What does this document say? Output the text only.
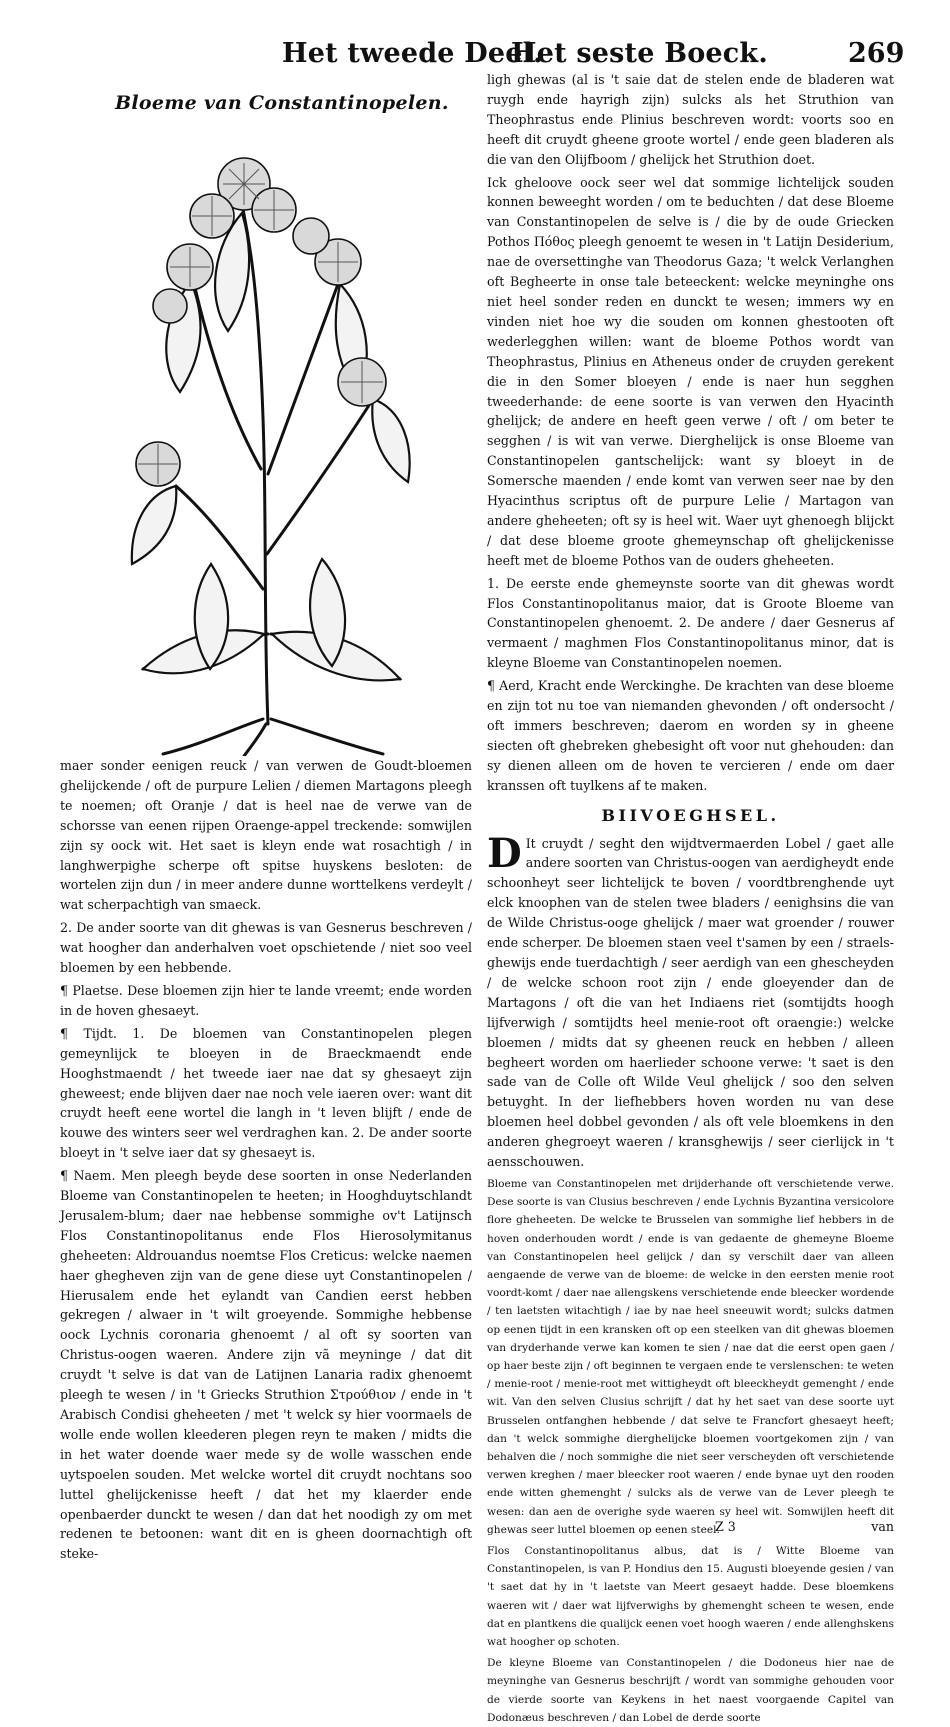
Het tweede Deel.
Het seste Boeck.	269
Bloeme van Constantinopelen.

maer sonder eenigen reuck / van verwen de Goudt-bloemen ghelijckende / oft de purpure Lelien / diemen Martagons pleegh te noemen; oft Oranje / dat is heel nae de verwe van de schorsse van eenen rijpen Oraenge-appel treckende: somwijlen zijn sy oock wit. Het saet is kleyn ende wat rosachtigh / in langhwerpighe scherpe oft spitse huyskens besloten: de wortelen zijn dun / in meer andere dunne worttelkens verdeylt / wat scherpachtigh van smaeck.

2. De ander soorte van dit ghewas is van Gesnerus beschreven / wat hoogher dan anderhalven voet opschietende / niet soo veel bloemen by een hebbende.

¶ Plaetse. Dese bloemen zijn hier te lande vreemt; ende worden in de hoven ghesaeyt.

¶ Tijdt. 1. De bloemen van Constantinopelen plegen gemeynlijck te bloeyen in de Braeckmaendt ende Hooghstmaendt / het tweede iaer nae dat sy ghesaeyt zijn gheweest; ende blijven daer nae noch vele iaeren over: want dit cruydt heeft eene wortel die langh in 't leven blijft / ende de kouwe des winters seer wel verdraghen kan. 2. De ander soorte bloeyt in 't selve iaer dat sy ghesaeyt is.

¶ Naem. Men pleegh beyde dese soorten in onse Nederlanden Bloeme van Constantinopelen te heeten; in Hooghduytschlandt Jerusalem-blum; daer nae hebbense sommighe ov't Latijnsch Flos Constantinopolitanus ende Flos Hierosolymitanus gheheeten: Aldrouandus noemtse Flos Creticus: welcke naemen haer ghegheven zijn van de gene diese uyt Constantinopelen / Hierusalem ende het eylandt van Candien eerst hebben gekregen / alwaer in 't wilt groeyende. Sommighe hebbense oock Lychnis coronaria ghenoemt / al oft sy soorten van Christus-oogen waeren. Andere zijn vã meyninge / dat dit cruydt 't selve is dat van de Latijnen Lanaria radix ghenoemt pleegh te wesen / in 't Griecks Struthion Στρούθιον / ende in 't Arabisch Condisi gheheeten / met 't welck sy hier voormaels de wolle ende wollen kleederen plegen reyn te maken / midts die in het water doende waer mede sy de wolle wasschen ende uytspoelen souden. Met welcke wortel dit cruydt nochtans soo luttel ghelijckenisse heeft / dat het my klaerder ende openbaerder dunckt te wesen / dan dat het noodigh zy om met redenen te betoonen: want dit en is gheen doornachtigh oft steke-

ligh ghewas (al is 't saie dat de stelen ende de bladeren wat ruygh ende hayrigh zijn) sulcks als het Struthion van Theophrastus ende Plinius beschreven wordt: voorts soo en heeft dit cruydt gheene groote wortel / ende geen bladeren als die van den Olijfboom / ghelijck het Struthion doet.

Ick gheloove oock seer wel dat sommige lichtelijck souden konnen beweeght worden / om te beduchten / dat dese Bloeme van Constantinopelen de selve is / die by de oude Griecken Pothos Πόθος pleegh genoemt te wesen in 't Latijn Desiderium, nae de oversettinghe van Theodorus Gaza; 't welck Verlanghen oft Begheerte in onse tale beteeckent: welcke meyninghe ons niet heel sonder reden en dunckt te wesen; immers wy en vinden niet hoe wy die souden om konnen ghestooten oft wederlegghen willen: want de bloeme Pothos wordt van Theophrastus, Plinius en Atheneus onder de cruyden gerekent die in den Somer bloeyen / ende is naer hun segghen tweederhande: de eene soorte is van verwen den Hyacinth ghelijck; de andere en heeft geen verwe / oft / om beter te segghen / is wit van verwe. Dierghelijck is onse Bloeme van Constantinopelen gantschelijck: want sy bloeyt in de Somersche maenden / ende komt van verwen seer nae by den Hyacinthus scriptus oft de purpure Lelie / Martagon van andere gheheeten; oft sy is heel wit. Waer uyt ghenoegh blijckt / dat dese bloeme groote ghemeynschap oft ghelijckenisse heeft met de bloeme Pothos van de ouders gheheeten.

1. De eerste ende ghemeynste soorte van dit ghewas wordt Flos Constantinopolitanus maior, dat is Groote Bloeme van Constantinopelen ghenoemt. 2. De andere / daer Gesnerus af vermaent / maghmen Flos Constantinopolitanus minor, dat is kleyne Bloeme van Constantinopelen noemen.

¶ Aerd, Kracht ende Werckinghe. De krachten van dese bloeme en zijn tot nu toe van niemanden ghevonden / oft ondersocht / oft immers beschreven; daerom en worden sy in gheene siecten oft ghebreken ghebesight oft voor nut ghehouden: dan sy dienen alleen om de hoven te vercieren / ende om daer kranssen oft tuylkens af te maken.

BIIVOEGHSEL.

D It cruydt / seght den wijdtvermaerden Lobel / gaet alle andere soorten van Christus-oogen van aerdigheydt ende schoonheyt seer lichtelijck te boven / voordtbrenghende uyt elck knoophen van de stelen twee bladers / eenighsins die van de Wilde Christus-ooge ghelijck / maer wat groender / rouwer ende scherper. De bloemen staen veel t'samen by een / straels-ghewijs ende tuerdachtigh / seer aerdigh van een ghescheyden / de welcke schoon root zijn / ende gloeyender dan de Martagons / oft die van het Indiaens riet (somtijdts hoogh lijfverwigh / somtijdts heel menie-root oft oraengie:) welcke bloemen / midts dat sy gheenen reuck en hebben / alleen begheert worden om haerlieder schoone verwe: 't saet is den sade van de Colle oft Wilde Veul ghelijck / soo den selven betuyght. In der liefhebbers hoven worden nu van dese bloemen heel dobbel gevonden / als oft vele bloemkens in den anderen ghegroeyt waeren / kransghewijs / seer cierlijck in 't aensschouwen.

Bloeme van Constantinopelen met drijderhande oft verschietende verwe. Dese soorte is van Clusius beschreven / ende Lychnis Byzantina versicolore flore gheheeten. De welcke te Brusselen van sommighe lief hebbers in de hoven onderhouden wordt / ende is van gedaente de ghemeyne Bloeme van Constantinopelen heel gelijck / dan sy verschilt daer van alleen aengaende de verwe van de bloeme: de welcke in den eersten menie root voordt-komt / daer nae allengskens verschietende ende bleecker wordende / ten laetsten witachtigh / iae by nae heel sneeuwit wordt; sulcks datmen op eenen tijdt in een kransken oft op een steelken van dit ghewas bloemen van dryderhande verwe kan komen te sien / nae dat die eerst open gaen / op haer beste zijn / oft beginnen te vergaen ende te verslenschen: te weten / menie-root / menie-root met wittigheydt oft bleeckheydt gemenght / ende wit. Van den selven Clusius schrijft / dat hy het saet van dese soorte uyt Brusselen ontfanghen hebbende / dat selve te Francfort ghesaeyt heeft; dan 't welck sommighe dierghelijcke bloemen voortgekomen zijn / van behalven die / noch sommighe die niet seer verscheyden oft verschietende verwen kreghen / maer bleecker root waeren / ende bynae uyt den rooden ende witten ghemenght / sulcks als de verwe van de Lever pleegh te wesen: dan aen de overighe syde waeren sy heel wit. Somwijlen heeft dit ghewas seer luttel bloemen op eenen steel.

Flos Constantinopolitanus albus, dat is / Witte Bloeme van Constantinopelen, is van P. Hondius den 15. Augusti bloeyende gesien / van 't saet dat hy in 't laetste van Meert gesaeyt hadde. Dese bloemkens waeren wit / daer wat lijfverwighs by ghemenght scheen te wesen, ende dat en plantkens die qualijck eenen voet hoogh waeren / ende allenghskens wat hoogher op schoten.

De kleyne Bloeme van Constantinopelen / die Dodoneus hier nae de meyninghe van Gesnerus beschrijft / wordt van sommighe gehouden voor de vierde soorte van Keykens in het naest voorgaende Capitel van Dodonæus beschreven / dan Lobel de derde soorte

Z 3	van
